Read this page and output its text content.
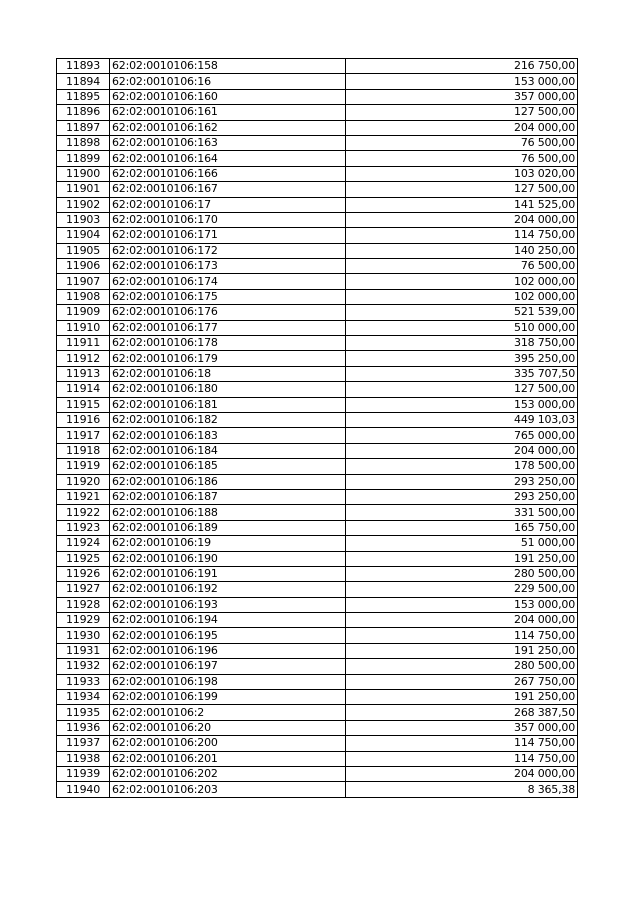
11893	62:02:0010106:158	216 750,00
11894	62:02:0010106:16	153 000,00
11895	62:02:0010106:160	357 000,00
11896	62:02:0010106:161	127 500,00
11897	62:02:0010106:162	204 000,00
11898	62:02:0010106:163	76 500,00
11899	62:02:0010106:164	76 500,00
11900	62:02:0010106:166	103 020,00
11901	62:02:0010106:167	127 500,00
11902	62:02:0010106:17	141 525,00
11903	62:02:0010106:170	204 000,00
11904	62:02:0010106:171	114 750,00
11905	62:02:0010106:172	140 250,00
11906	62:02:0010106:173	76 500,00
11907	62:02:0010106:174	102 000,00
11908	62:02:0010106:175	102 000,00
11909	62:02:0010106:176	521 539,00
11910	62:02:0010106:177	510 000,00
11911	62:02:0010106:178	318 750,00
11912	62:02:0010106:179	395 250,00
11913	62:02:0010106:18	335 707,50
11914	62:02:0010106:180	127 500,00
11915	62:02:0010106:181	153 000,00
11916	62:02:0010106:182	449 103,03
11917	62:02:0010106:183	765 000,00
11918	62:02:0010106:184	204 000,00
11919	62:02:0010106:185	178 500,00
11920	62:02:0010106:186	293 250,00
11921	62:02:0010106:187	293 250,00
11922	62:02:0010106:188	331 500,00
11923	62:02:0010106:189	165 750,00
11924	62:02:0010106:19	51 000,00
11925	62:02:0010106:190	191 250,00
11926	62:02:0010106:191	280 500,00
11927	62:02:0010106:192	229 500,00
11928	62:02:0010106:193	153 000,00
11929	62:02:0010106:194	204 000,00
11930	62:02:0010106:195	114 750,00
11931	62:02:0010106:196	191 250,00
11932	62:02:0010106:197	280 500,00
11933	62:02:0010106:198	267 750,00
11934	62:02:0010106:199	191 250,00
11935	62:02:0010106:2	268 387,50
11936	62:02:0010106:20	357 000,00
11937	62:02:0010106:200	114 750,00
11938	62:02:0010106:201	114 750,00
11939	62:02:0010106:202	204 000,00
11940	62:02:0010106:203	8 365,38
